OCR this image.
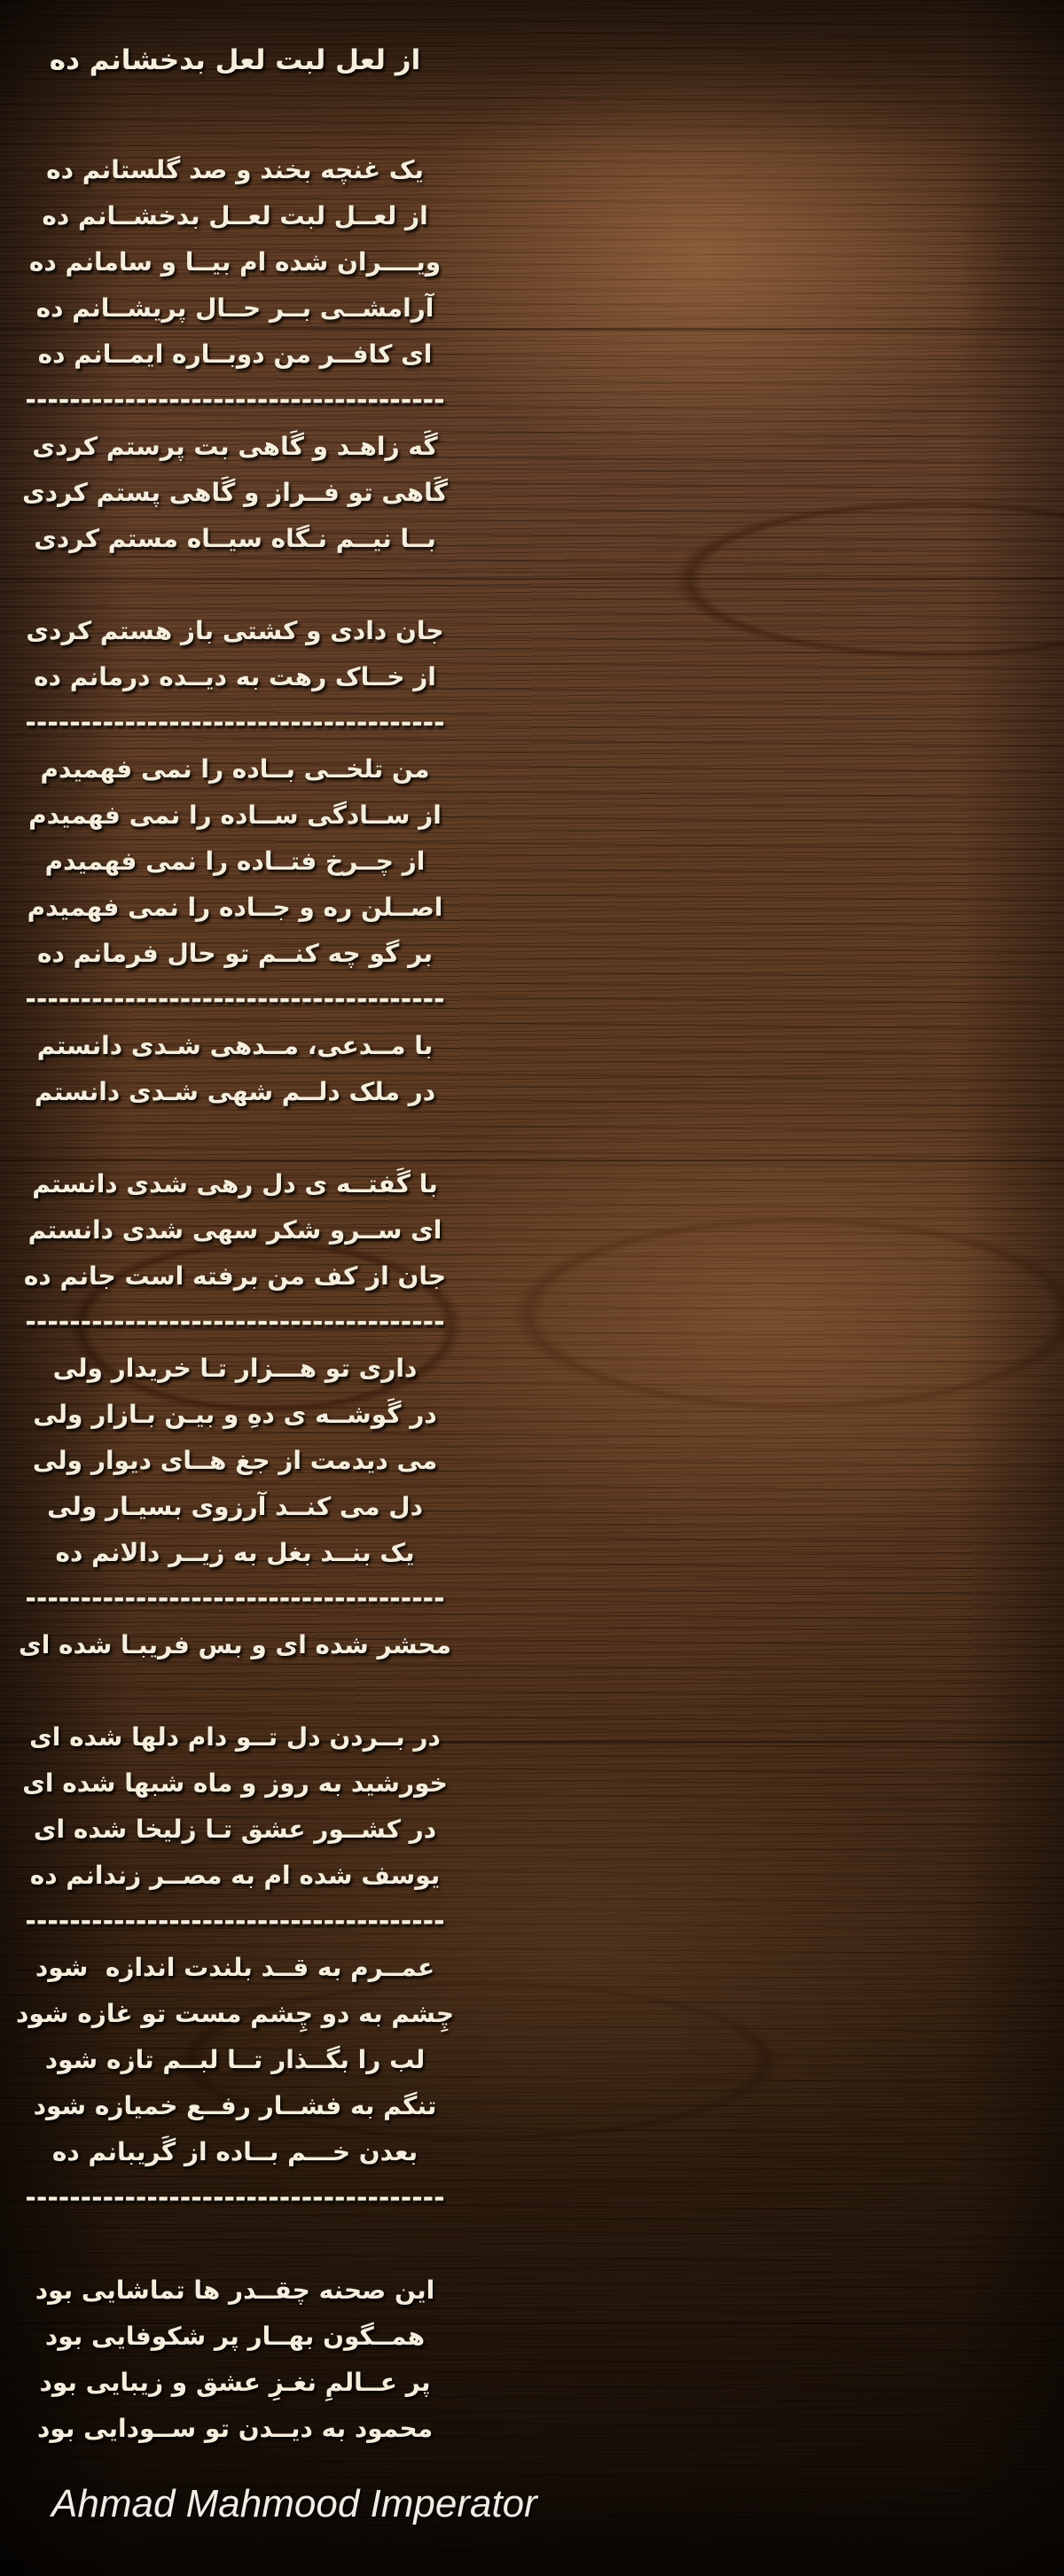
از لعل لبت لعل بدخشانم ده
یک غنچه بخند و صد گلستانم ده
از لعــل لبت لعــل بدخشــانم ده
ویــــران شده ام بیــا و سامانم ده
آرامشــی بــر حــال پریشــانم ده
ای کافــر من دوبــاره ایمــانم ده
--------------------------------------
گَه زاهـد و گَاهی بت پرستم کردی
گَاهی تو فــراز و گَاهی پستم کردی
بــا نیــم نـگاه سیــاه مستم کردی
جان دادی و کشتی باز هستم کردی
از خــاک رهت به دیــده درمانم ده
--------------------------------------
من تلخــی بــاده را نمی فهمیدم
از ســادگی ســاده را نمی فهمیدم
از چــرخ فتــاده را نمی فهمیدم
اصــلن ره و جــاده را نمی فهمیدم
بر گو چه کنــم تو حال فرمانم ده
--------------------------------------
با مــدعی، مــدهی شـدی دانستم
در ملک دلــم شهی شـدی دانستم
با گَفتــه ی دل رهی شدی دانستم
ای ســرو شکر سهی شدی دانستم
جان از کف من برفته است جانم ده
--------------------------------------
داری تو هـــزار تـا خریدار ولی
در گَوشــه ی دهِ و بیـن بـازار ولی
می دیدمت از جغ هــای دیوار ولی
دل می کنــد آرزوی بسیـار ولی
یک بنــد بغل به زیــر دالانم ده
--------------------------------------
محشر شده ای و بس فریبـا شده ای
در بــردن دل تــو دام دلها شده ای
خورشید به روز و ماه شبها شده ای
در کشــور عشق تـا زلیخا شده ای
یوسف شده ام به مصــر زندانم ده
--------------------------------------
عمــرم به قــد بلندت اندازه  شود
چِشم به دو چِشم مست تو غازه شود
لب را بگــذار تــا لبــم تازه شود
تنگم به فشــار رفــع خمیازه شود
بعدن خـــم بــاده از گَریبانم ده
--------------------------------------
این صحنه چقــدر ها تماشایی بود
همــگون بهــار پر شکوفایی بود
پر عــالمِ نغـزِ عشق و زیبایی بود
محمود به دیــدن تو ســودایی بود
Ahmad Mahmood Imperator
